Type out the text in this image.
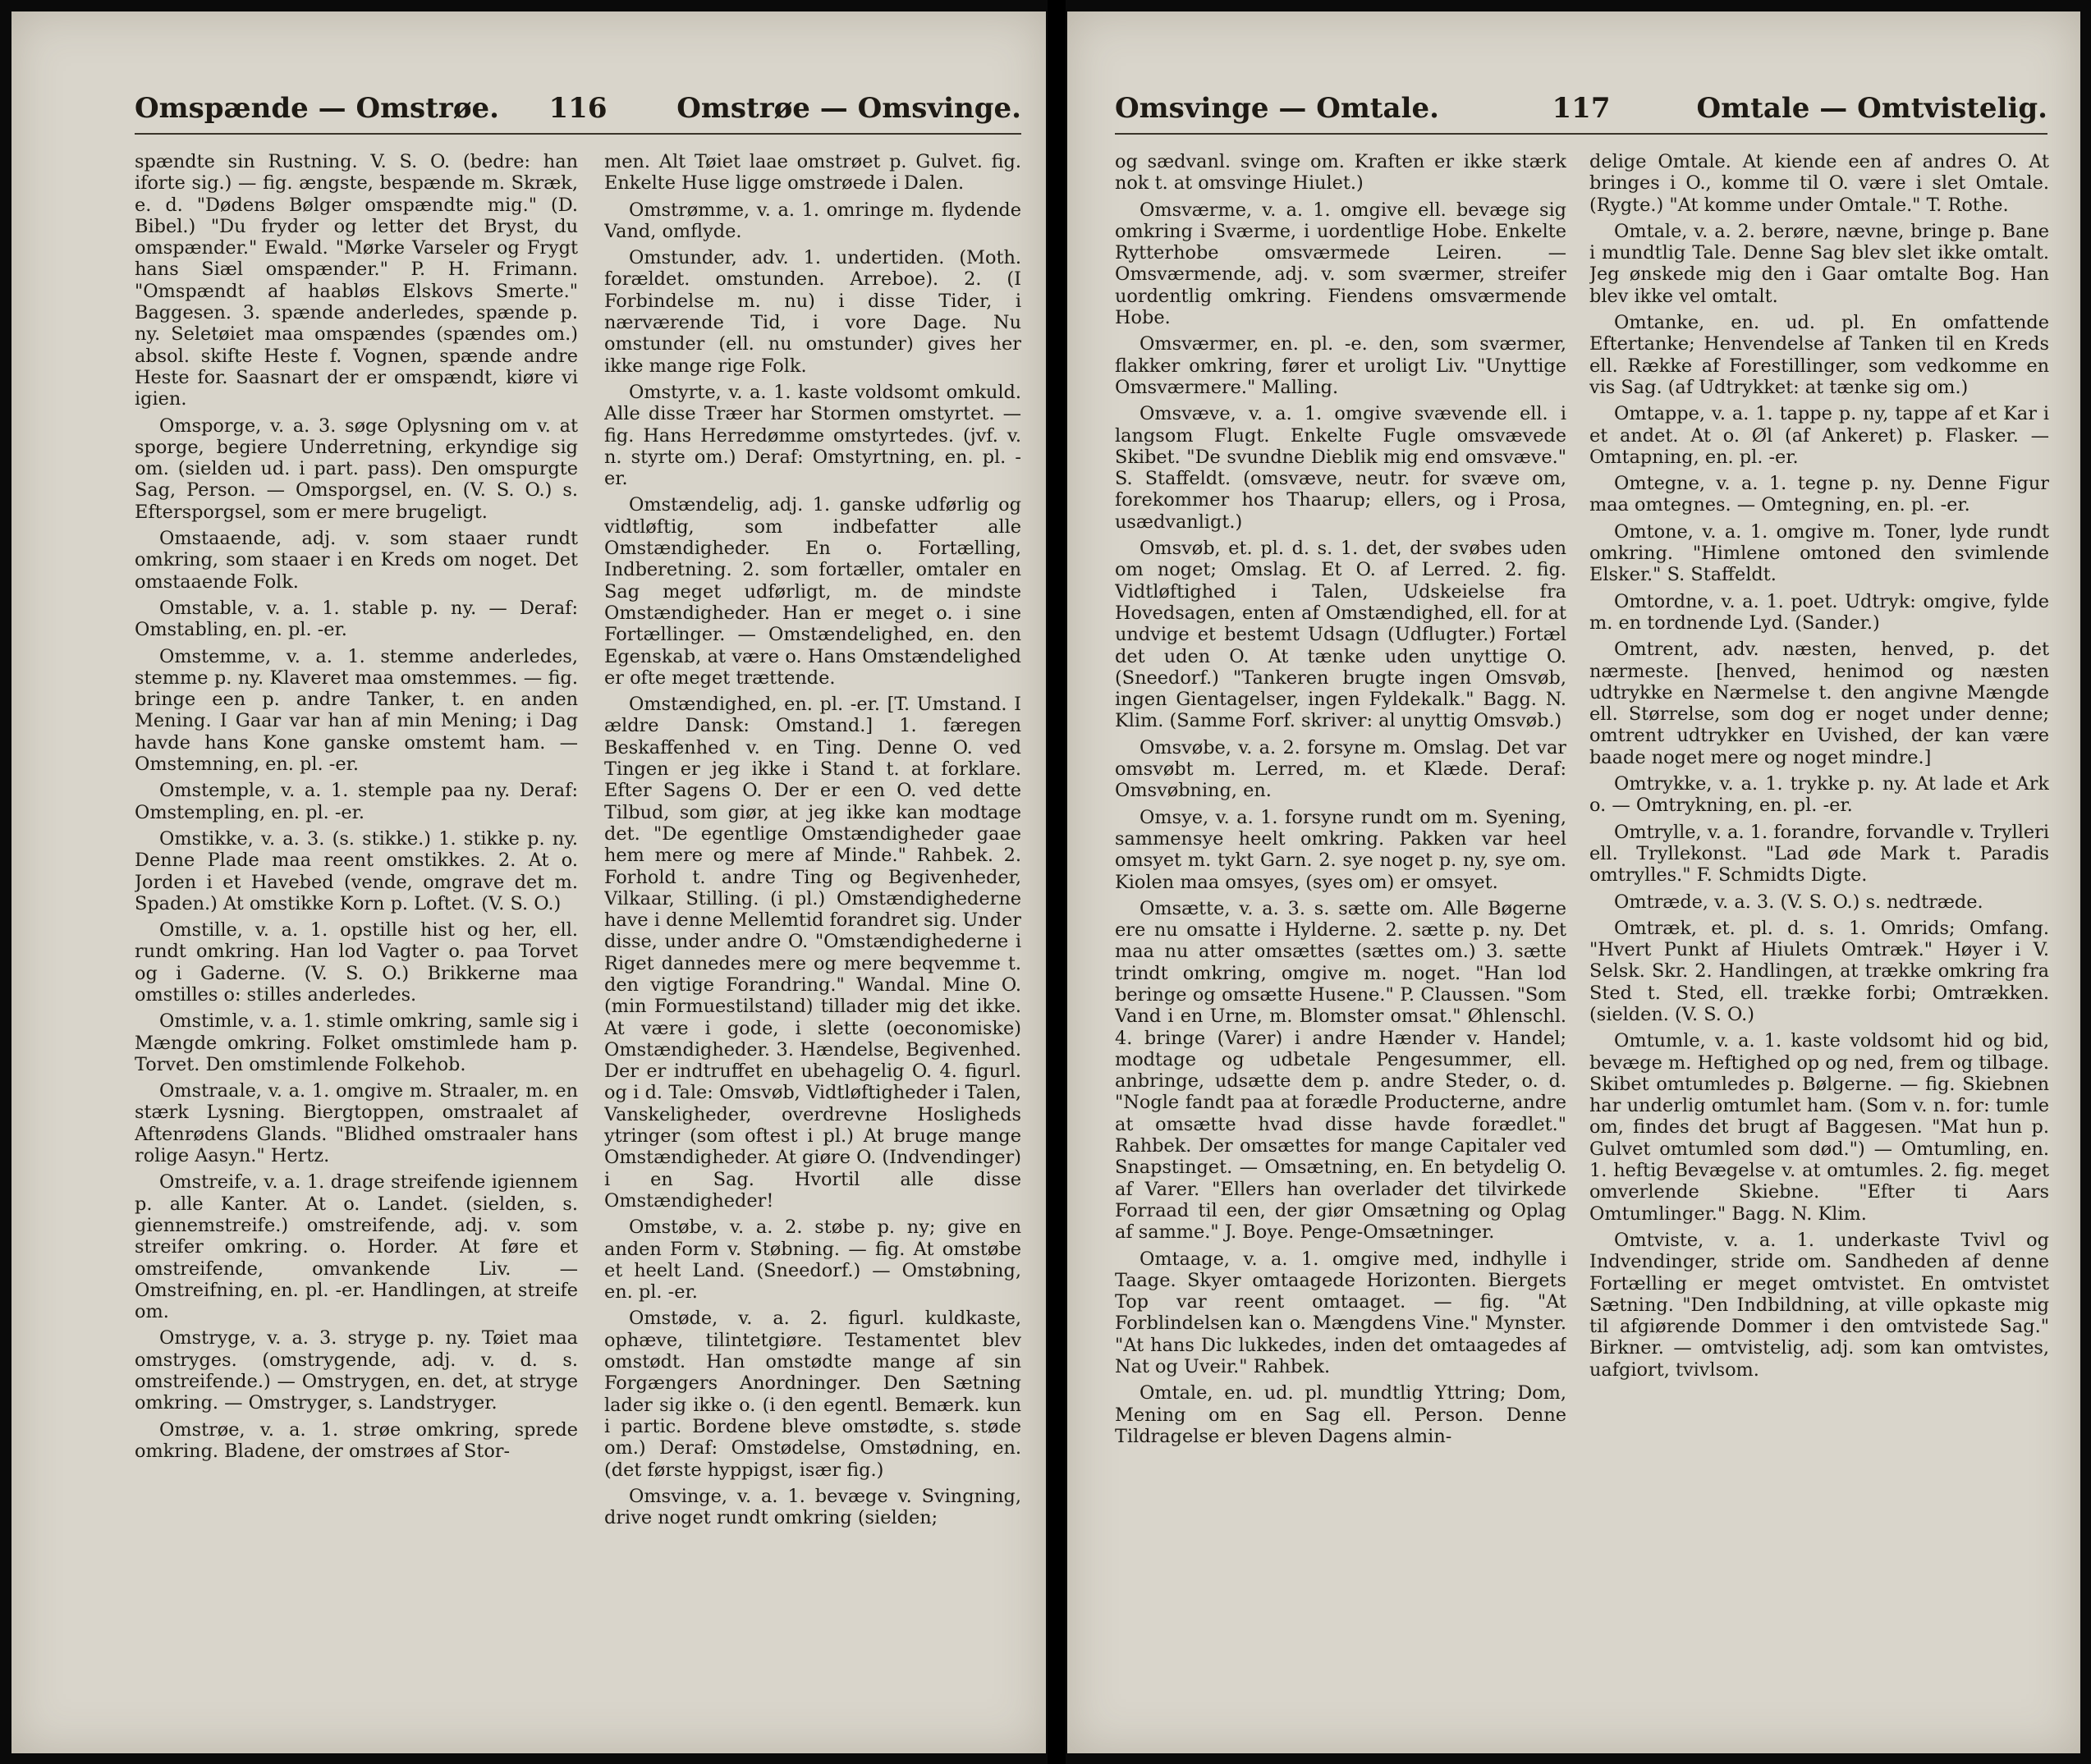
Omspænde — Omstrøe. 116 Omstrøe — Omsvinge.

spændte sin Rustning. V. S. O. (bedre: han iforte sig.) — fig. ængste, bespænde m. Skræk, e. d. "Dødens Bølger omspændte mig." (D. Bibel.) "Du fryder og letter det Bryst, du omspænder." Ewald. "Mørke Varseler og Frygt hans Siæl omspænder." P. H. Frimann. "Omspændt af haabløs Elskovs Smerte." Baggesen. 3. spænde anderledes, spænde p. ny. Seletøiet maa omspændes (spændes om.) absol. skifte Heste f. Vognen, spænde andre Heste for. Saasnart der er omspændt, kiøre vi igien.

Omsporge, v. a. 3. søge Oplysning om v. at sporge, begiere Underretning, erkyndige sig om. (sielden ud. i part. pass). Den omspurgte Sag, Person. — Omsporgsel, en. (V. S. O.) s. Eftersporgsel, som er mere brugeligt.

Omstaaende, adj. v. som staaer rundt omkring, som staaer i en Kreds om noget. Det omstaaende Folk.

Omstable, v. a. 1. stable p. ny. — Deraf: Omstabling, en. pl. -er.

Omstemme, v. a. 1. stemme anderledes, stemme p. ny. Klaveret maa omstemmes. — fig. bringe een p. andre Tanker, t. en anden Mening. I Gaar var han af min Mening; i Dag havde hans Kone ganske omstemt ham. — Omstemning, en. pl. -er.

Omstemple, v. a. 1. stemple paa ny. Deraf: Omstempling, en. pl. -er.

Omstikke, v. a. 3. (s. stikke.) 1. stikke p. ny. Denne Plade maa reent omstikkes. 2. At o. Jorden i et Havebed (vende, omgrave det m. Spaden.) At omstikke Korn p. Loftet. (V. S. O.)

Omstille, v. a. 1. opstille hist og her, ell. rundt omkring. Han lod Vagter o. paa Torvet og i Gaderne. (V. S. O.) Brikkerne maa omstilles o: stilles anderledes.

Omstimle, v. a. 1. stimle omkring, samle sig i Mængde omkring. Folket omstimlede ham p. Torvet. Den omstimlende Folkehob.

Omstraale, v. a. 1. omgive m. Straaler, m. en stærk Lysning. Biergtoppen, omstraalet af Aftenrødens Glands. "Blidhed omstraaler hans rolige Aasyn." Hertz.

Omstreife, v. a. 1. drage streifende igiennem p. alle Kanter. At o. Landet. (sielden, s. giennemstreife.) omstreifende, adj. v. som streifer omkring. o. Horder. At føre et omstreifende, omvankende Liv. — Omstreifning, en. pl. -er. Handlingen, at streife om.

Omstryge, v. a. 3. stryge p. ny. Tøiet maa omstryges. (omstrygende, adj. v. d. s. omstreifende.) — Omstrygen, en. det, at stryge omkring. — Omstryger, s. Landstryger.

Omstrøe, v. a. 1. strøe omkring, sprede omkring. Bladene, der omstrøes af Stor-

men. Alt Tøiet laae omstrøet p. Gulvet. fig. Enkelte Huse ligge omstrøede i Dalen.

Omstrømme, v. a. 1. omringe m. flydende Vand, omflyde.

Omstunder, adv. 1. undertiden. (Moth. forældet. omstunden. Arreboe). 2. (I Forbindelse m. nu) i disse Tider, i nærværende Tid, i vore Dage. Nu omstunder (ell. nu omstunder) gives her ikke mange rige Folk.

Omstyrte, v. a. 1. kaste voldsomt omkuld. Alle disse Træer har Stormen omstyrtet. — fig. Hans Herredømme omstyrtedes. (jvf. v. n. styrte om.) Deraf: Omstyrtning, en. pl. -er.

Omstændelig, adj. 1. ganske udførlig og vidtløftig, som indbefatter alle Omstændigheder. En o. Fortælling, Indberetning. 2. som fortæller, omtaler en Sag meget udførligt, m. de mindste Omstændigheder. Han er meget o. i sine Fortællinger. — Omstændelighed, en. den Egenskab, at være o. Hans Omstændelighed er ofte meget trættende.

Omstændighed, en. pl. -er. [T. Umstand. I ældre Dansk: Omstand.] 1. færegen Beskaffenhed v. en Ting. Denne O. ved Tingen er jeg ikke i Stand t. at forklare. Efter Sagens O. Der er een O. ved dette Tilbud, som giør, at jeg ikke kan modtage det. "De egentlige Omstændigheder gaae hem mere og mere af Minde." Rahbek. 2. Forhold t. andre Ting og Begivenheder, Vilkaar, Stilling. (i pl.) Omstændighederne have i denne Mellemtid forandret sig. Under disse, under andre O. "Omstændighederne i Riget dannedes mere og mere beqvemme t. den vigtige Forandring." Wandal. Mine O. (min Formuestilstand) tillader mig det ikke. At være i gode, i slette (oeconomiske) Omstændigheder. 3. Hændelse, Begivenhed. Der er indtruffet en ubehagelig O. 4. figurl. og i d. Tale: Omsvøb, Vidtløftigheder i Talen, Vanskeligheder, overdrevne Hosligheds ytringer (som oftest i pl.) At bruge mange Omstændigheder. At giøre O. (Indvendinger) i en Sag. Hvortil alle disse Omstændigheder!

Omstøbe, v. a. 2. støbe p. ny; give en anden Form v. Støbning. — fig. At omstøbe et heelt Land. (Sneedorf.) — Omstøbning, en. pl. -er.

Omstøde, v. a. 2. figurl. kuldkaste, ophæve, tilintetgiøre. Testamentet blev omstødt. Han omstødte mange af sin Forgængers Anordninger. Den Sætning lader sig ikke o. (i den egentl. Bemærk. kun i partic. Bordene bleve omstødte, s. støde om.) Deraf: Omstødelse, Omstødning, en. (det første hyppigst, især fig.)

Omsvinge, v. a. 1. bevæge v. Svingning, drive noget rundt omkring (sielden;

Omsvinge — Omtale.	117	Omtale — Omtvistelig.

og sædvanl. svinge om. Kraften er ikke stærk nok t. at omsvinge Hiulet.)

Omsværme, v. a. 1. omgive ell. bevæge sig omkring i Sværme, i uordentlige Hobe. Enkelte Rytterhobe omsværmede Leiren. — Omsværmende, adj. v. som sværmer, streifer uordentlig omkring. Fiendens omsværmende Hobe.

Omsværmer, en. pl. -e. den, som sværmer, flakker omkring, fører et uroligt Liv. "Unyttige Omsværmere." Malling.

Omsvæve, v. a. 1. omgive svævende ell. i langsom Flugt. Enkelte Fugle omsvævede Skibet. "De svundne Dieblik mig end omsvæve." S. Staffeldt. (omsvæve, neutr. for svæve om, forekommer hos Thaarup; ellers, og i Prosa, usædvanligt.)

Omsvøb, et. pl. d. s. 1. det, der svøbes uden om noget; Omslag. Et O. af Lerred. 2. fig. Vidtløftighed i Talen, Udskeielse fra Hovedsagen, enten af Omstændighed, ell. for at undvige et bestemt Udsagn (Udflugter.) Fortæl det uden O. At tænke uden unyttige O. (Sneedorf.) "Tankeren brugte ingen Omsvøb, ingen Gientagelser, ingen Fyldekalk." Bagg. N. Klim. (Samme Forf. skriver: al unyttig Omsvøb.)

Omsvøbe, v. a. 2. forsyne m. Omslag. Det var omsvøbt m. Lerred, m. et Klæde. Deraf: Omsvøbning, en.

Omsye, v. a. 1. forsyne rundt om m. Syening, sammensye heelt omkring. Pakken var heel omsyet m. tykt Garn. 2. sye noget p. ny, sye om. Kiolen maa omsyes, (syes om) er omsyet.

Omsætte, v. a. 3. s. sætte om. Alle Bøgerne ere nu omsatte i Hylderne. 2. sætte p. ny. Det maa nu atter omsættes (sættes om.) 3. sætte trindt omkring, omgive m. noget. "Han lod beringe og omsætte Husene." P. Claussen. "Som Vand i en Urne, m. Blomster omsat." Øhlenschl. 4. bringe (Varer) i andre Hænder v. Handel; modtage og udbetale Pengesummer, ell. anbringe, udsætte dem p. andre Steder, o. d. "Nogle fandt paa at forædle Producterne, andre at omsætte hvad disse havde forædlet." Rahbek. Der omsættes for mange Capitaler ved Snapstinget. — Omsætning, en. En betydelig O. af Varer. "Ellers han overlader det tilvirkede Forraad til een, der giør Omsætning og Oplag af samme." J. Boye. Penge-Omsætninger.

Omtaage, v. a. 1. omgive med, indhylle i Taage. Skyer omtaagede Horizonten. Biergets Top var reent omtaaget. — fig. "At Forblindelsen kan o. Mængdens Vine." Mynster. "At hans Dic lukkedes, inden det omtaagedes af Nat og Uveir." Rahbek.

Omtale, en. ud. pl. mundtlig Yttring; Dom, Mening om en Sag ell. Person. Denne Tildragelse er bleven Dagens almin-

delige Omtale. At kiende een af andres O. At bringes i O., komme til O. være i slet Omtale. (Rygte.) "At komme under Omtale." T. Rothe.

Omtale, v. a. 2. berøre, nævne, bringe p. Bane i mundtlig Tale. Denne Sag blev slet ikke omtalt. Jeg ønskede mig den i Gaar omtalte Bog. Han blev ikke vel omtalt.

Omtanke, en. ud. pl. En omfattende Eftertanke; Henvendelse af Tanken til en Kreds ell. Række af Forestillinger, som vedkomme en vis Sag. (af Udtrykket: at tænke sig om.)

Omtappe, v. a. 1. tappe p. ny, tappe af et Kar i et andet. At o. Øl (af Ankeret) p. Flasker. — Omtapning, en. pl. -er.

Omtegne, v. a. 1. tegne p. ny. Denne Figur maa omtegnes. — Omtegning, en. pl. -er.

Omtone, v. a. 1. omgive m. Toner, lyde rundt omkring. "Himlene omtoned den svimlende Elsker." S. Staffeldt.

Omtordne, v. a. 1. poet. Udtryk: omgive, fylde m. en tordnende Lyd. (Sander.)

Omtrent, adv. næsten, henved, p. det nærmeste. [henved, henimod og næsten udtrykke en Nærmelse t. den angivne Mængde ell. Størrelse, som dog er noget under denne; omtrent udtrykker en Uvished, der kan være baade noget mere og noget mindre.]

Omtrykke, v. a. 1. trykke p. ny. At lade et Ark o. — Omtrykning, en. pl. -er.

Omtrylle, v. a. 1. forandre, forvandle v. Trylleri ell. Tryllekonst. "Lad øde Mark t. Paradis omtrylles." F. Schmidts Digte.

Omtræde, v. a. 3. (V. S. O.) s. nedtræde.

Omtræk, et. pl. d. s. 1. Omrids; Omfang. "Hvert Punkt af Hiulets Omtræk." Høyer i V. Selsk. Skr. 2. Handlingen, at trække omkring fra Sted t. Sted, ell. trække forbi; Omtrækken. (sielden. (V. S. O.)

Omtumle, v. a. 1. kaste voldsomt hid og bid, bevæge m. Heftighed op og ned, frem og tilbage. Skibet omtumledes p. Bølgerne. — fig. Skiebnen har underlig omtumlet ham. (Som v. n. for: tumle om, findes det brugt af Baggesen. "Mat hun p. Gulvet omtumled som død.") — Omtumling, en. 1. heftig Bevægelse v. at omtumles. 2. fig. meget omverlende Skiebne. "Efter ti Aars Omtumlinger." Bagg. N. Klim.

Omtviste, v. a. 1. underkaste Tvivl og Indvendinger, stride om. Sandheden af denne Fortælling er meget omtvistet. En omtvistet Sætning. "Den Indbildning, at ville opkaste mig til afgiørende Dommer i den omtvistede Sag." Birkner. — omtvistelig, adj. som kan omtvistes, uafgiort, tvivlsom.
